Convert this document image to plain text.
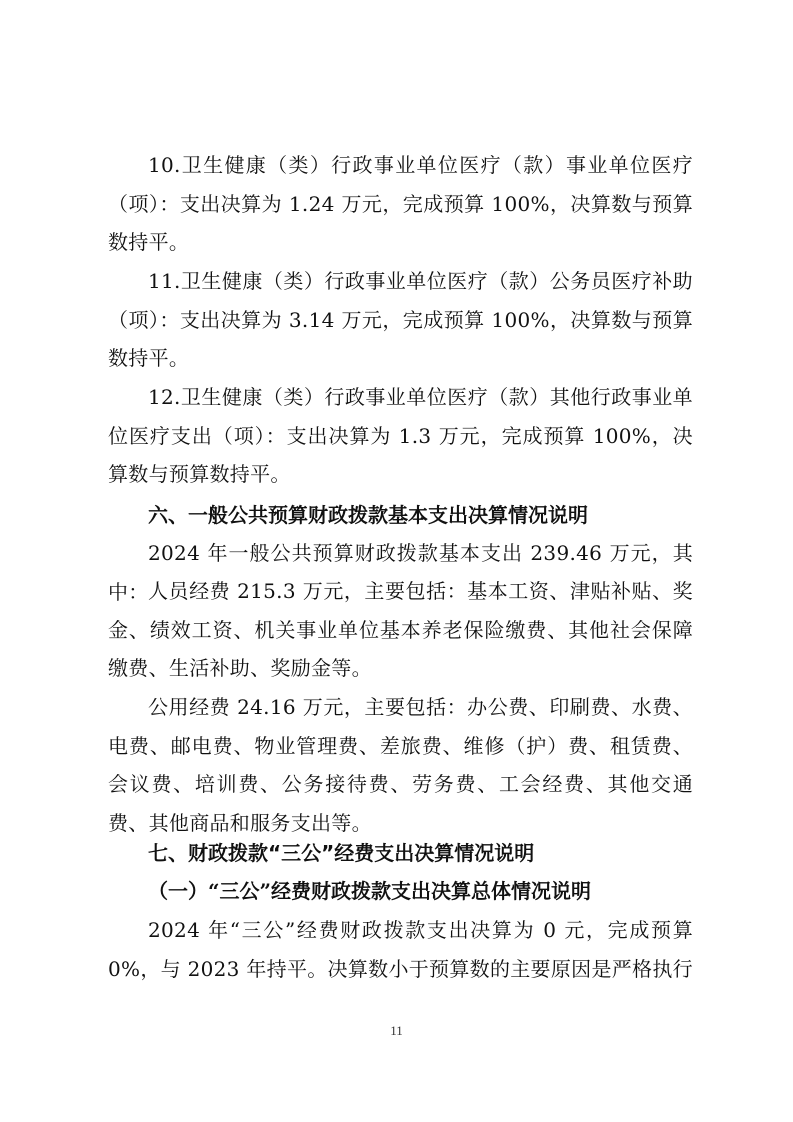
10.卫生健康（类）行政事业单位医疗（款）事业单位医疗（项）：支出决算为 1.24 万元，完成预算 100%，决算数与预算数持平。

11.卫生健康（类）行政事业单位医疗（款）公务员医疗补助（项）：支出决算为 3.14 万元，完成预算 100%，决算数与预算数持平。

12.卫生健康（类）行政事业单位医疗（款）其他行政事业单位医疗支出（项）：支出决算为 1.3 万元，完成预算 100%，决算数与预算数持平。

六、一般公共预算财政拨款基本支出决算情况说明

2024 年一般公共预算财政拨款基本支出 239.46 万元，其中： 人员经费 215.3 万元，主要包括：基本工资、津贴补贴、奖金、绩效工资、机关事业单位基本养老保险缴费、其他社会保障缴费、生活补助、奖励金等。

公用经费 24.16 万元，主要包括：办公费、印刷费、水费、电费、邮电费、物业管理费、差旅费、维修（护）费、租赁费、会议费、培训费、公务接待费、劳务费、工会经费、其他交通费、其他商品和服务支出等。

七、财政拨款“三公”经费支出决算情况说明

（一）“三公”经费财政拨款支出决算总体情况说明

2024 年“三公”经费财政拨款支出决算为 0 元，完成预算 0%，与 2023 年持平。决算数小于预算数的主要原因是严格执行

11
